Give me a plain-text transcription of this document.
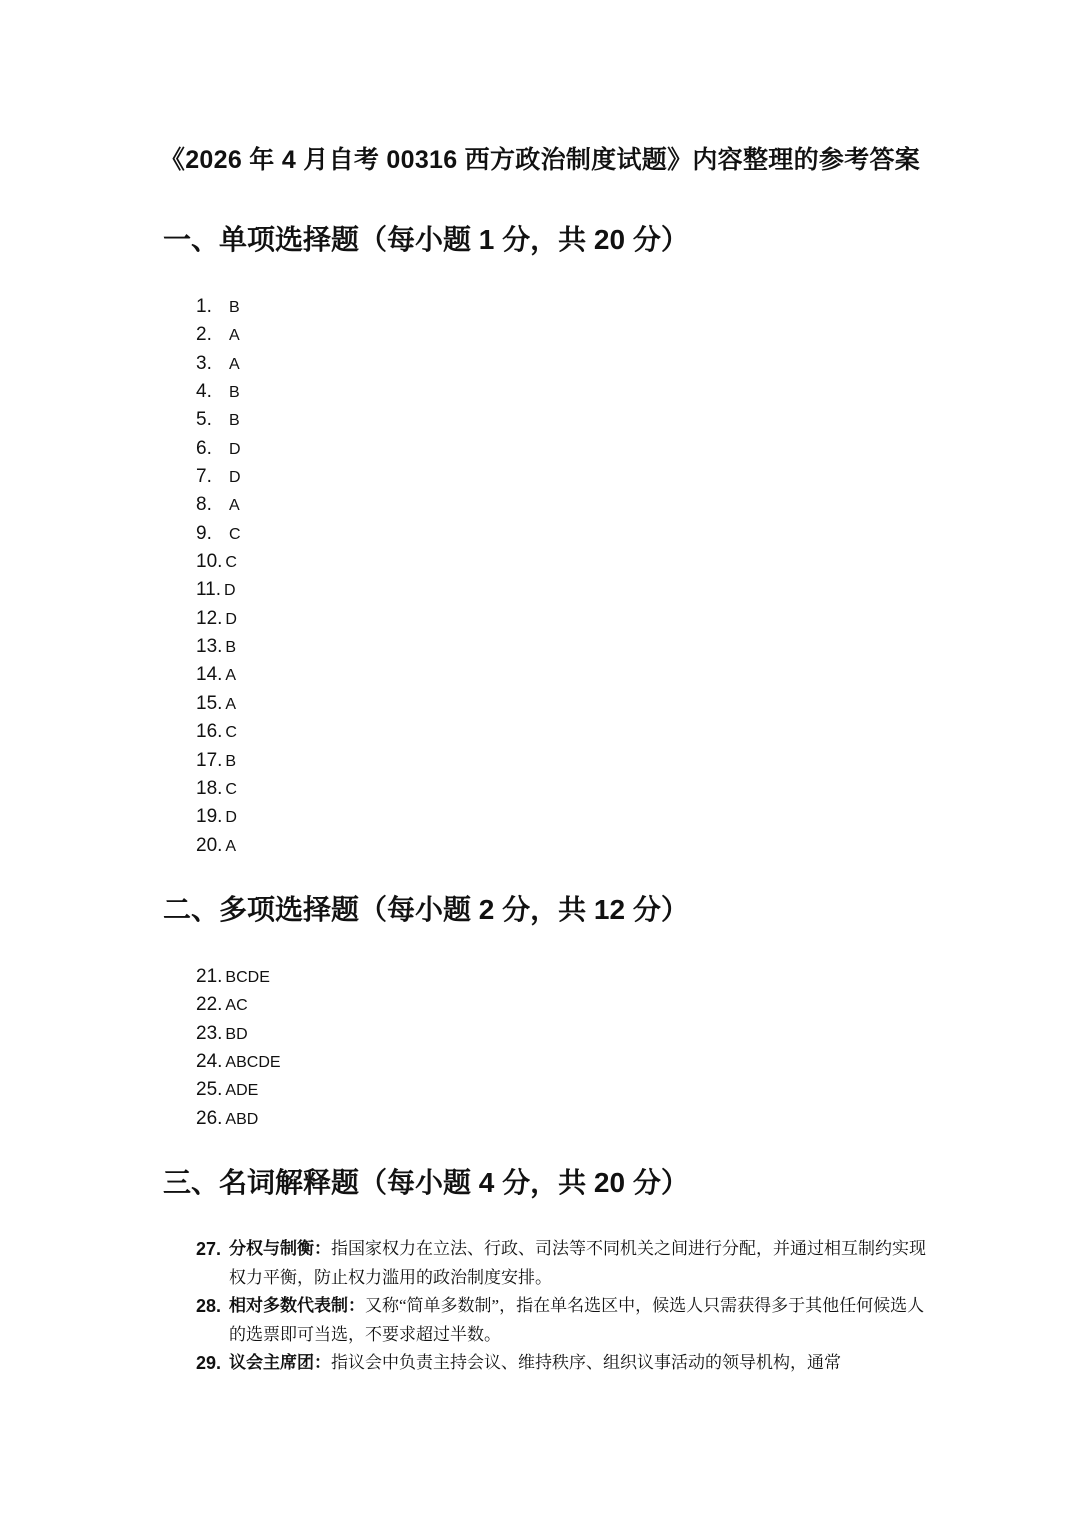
《2026 年 4 月自考 00316 西方政治制度试题》内容整理的参考答案
一、单项选择题（每小题 1 分，共 20 分）
1. B
2. A
3. A
4. B
5. B
6. D
7. D
8. A
9. C
10. C
11. D
12. D
13. B
14. A
15. A
16. C
17. B
18. C
19. D
20. A
二、多项选择题（每小题 2 分，共 12 分）
21. BCDE
22. AC
23. BD
24. ABCDE
25. ADE
26. ABD
三、名词解释题（每小题 4 分，共 20 分）
27. 分权与制衡：指国家权力在立法、行政、司法等不同机关之间进行分配，并通过相互制约实现权力平衡，防止权力滥用的政治制度安排。
28. 相对多数代表制：又称“简单多数制”，指在单名选区中，候选人只需获得多于其他任何候选人的选票即可当选，不要求超过半数。
29. 议会主席团：指议会中负责主持会议、维持秩序、组织议事活动的领导机构，通常
